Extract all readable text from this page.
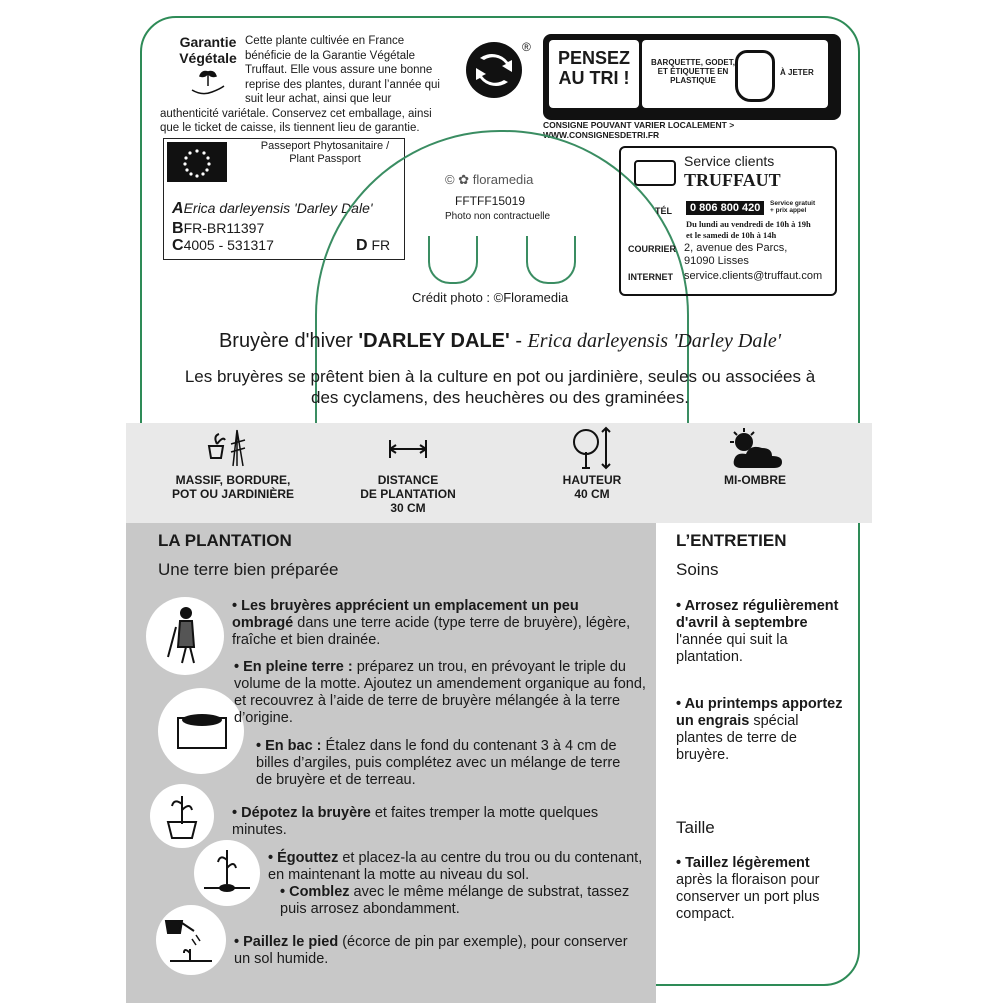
Garantie Végétale
Cette plante cultivée en France
bénéficie de la Garantie Végétale
Truffaut. Elle vous assure une bonne
reprise des plantes, durant l’année qui
suit leur achat, ainsi que leur
authenticité variétale. Conservez cet emballage, ainsi
que le ticket de caisse, ils tiennent lieu de garantie.
®
PENSEZ AU TRI !
BARQUETTE, GODET, ET ÉTIQUETTE EN PLASTIQUE
À JETER
CONSIGNE POUVANT VARIER LOCALEMENT > WWW.CONSIGNESDETRI.FR
Passeport Phytosanitaire / Plant Passport
AErica darleyensis 'Darley Dale'
BFR-BR11397
C4005 - 531317	D FR
© ✿ floramedia
FFTFF15019
Photo non contractuelle
Crédit photo : ©Floramedia
Service clients
TRUFFAUT
TÉL	0 806 800 420	Service gratuit + prix appel
Du lundi au vendredi de 10h à 19h
et le samedi de 10h à 14h
COURRIER 2, avenue des Parcs,
91090 Lisses
INTERNET service.clients@truffaut.com
Bruyère d'hiver 'DARLEY DALE' - Erica darleyensis 'Darley Dale'
Les bruyères se prêtent bien à la culture en pot ou jardinière, seules ou associées à des cyclamens, des heuchères ou des graminées.
MASSIF, BORDURE,
POT OU JARDINIÈRE
DISTANCE
DE PLANTATION
30 CM
HAUTEUR
40 CM
MI-OMBRE
LA PLANTATION
Une terre bien préparée
• Les bruyères apprécient un emplacement un peu ombragé dans une terre acide (type terre de bruyère), légère, fraîche et bien drainée.
• En pleine terre : préparez un trou, en prévoyant le triple du volume de la motte. Ajoutez un amendement organique au fond, et recouvrez à l’aide de terre de bruyère mélangée à la terre d’origine.
• En bac : Étalez dans le fond du contenant 3 à 4 cm de billes d’argiles, puis complétez avec un mélange de terre de bruyère et de terreau.
• Dépotez la bruyère et faites tremper la motte quelques minutes.
• Égouttez et placez-la au centre du trou ou du contenant, en maintenant la motte au niveau du sol.
• Comblez avec le même mélange de substrat, tassez puis arrosez abondamment.
• Paillez le pied (écorce de pin par exemple), pour conserver un sol humide.
L’ENTRETIEN
Soins
• Arrosez régulièrement d'avril à septembre l'année qui suit la plantation.
• Au printemps apportez un engrais spécial plantes de terre de bruyère.
Taille
• Taillez légèrement après la floraison pour conserver un port plus compact.
